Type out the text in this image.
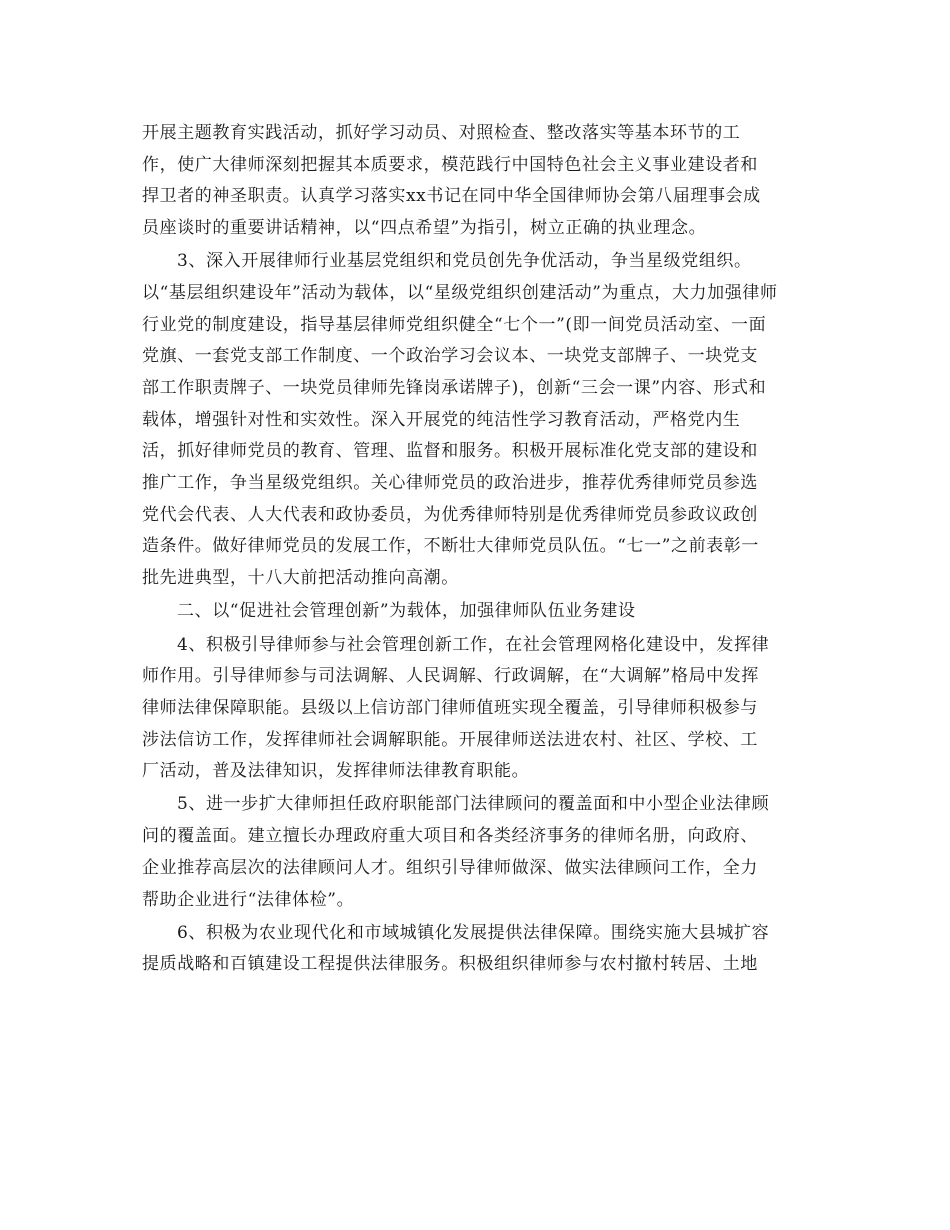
开展主题教育实践活动，抓好学习动员、对照检查、整改落实等基本环节的工
作，使广大律师深刻把握其本质要求，模范践行中国特色社会主义事业建设者和
捍卫者的神圣职责。认真学习落实xx书记在同中华全国律师协会第八届理事会成
员座谈时的重要讲话精神，以“四点希望”为指引，树立正确的执业理念。
3、深入开展律师行业基层党组织和党员创先争优活动，争当星级党组织。
以“基层组织建设年”活动为载体，以“星级党组织创建活动”为重点，大力加强律师
行业党的制度建设，指导基层律师党组织健全“七个一”(即一间党员活动室、一面
党旗、一套党支部工作制度、一个政治学习会议本、一块党支部牌子、一块党支
部工作职责牌子、一块党员律师先锋岗承诺牌子)，创新“三会一课”内容、形式和
载体，增强针对性和实效性。深入开展党的纯洁性学习教育活动，严格党内生
活，抓好律师党员的教育、管理、监督和服务。积极开展标准化党支部的建设和
推广工作，争当星级党组织。关心律师党员的政治进步，推荐优秀律师党员参选
党代会代表、人大代表和政协委员，为优秀律师特别是优秀律师党员参政议政创
造条件。做好律师党员的发展工作，不断壮大律师党员队伍。“七一”之前表彰一
批先进典型，十八大前把活动推向高潮。
二、以“促进社会管理创新”为载体，加强律师队伍业务建设
4、积极引导律师参与社会管理创新工作，在社会管理网格化建设中，发挥律
师作用。引导律师参与司法调解、人民调解、行政调解，在“大调解”格局中发挥
律师法律保障职能。县级以上信访部门律师值班实现全覆盖，引导律师积极参与
涉法信访工作，发挥律师社会调解职能。开展律师送法进农村、社区、学校、工
厂活动，普及法律知识，发挥律师法律教育职能。
5、进一步扩大律师担任政府职能部门法律顾问的覆盖面和中小型企业法律顾
问的覆盖面。建立擅长办理政府重大项目和各类经济事务的律师名册，向政府、
企业推荐高层次的法律顾问人才。组织引导律师做深、做实法律顾问工作，全力
帮助企业进行“法律体检”。
6、积极为农业现代化和市域城镇化发展提供法律保障。围绕实施大县城扩容
提质战略和百镇建设工程提供法律服务。积极组织律师参与农村撤村转居、土地
